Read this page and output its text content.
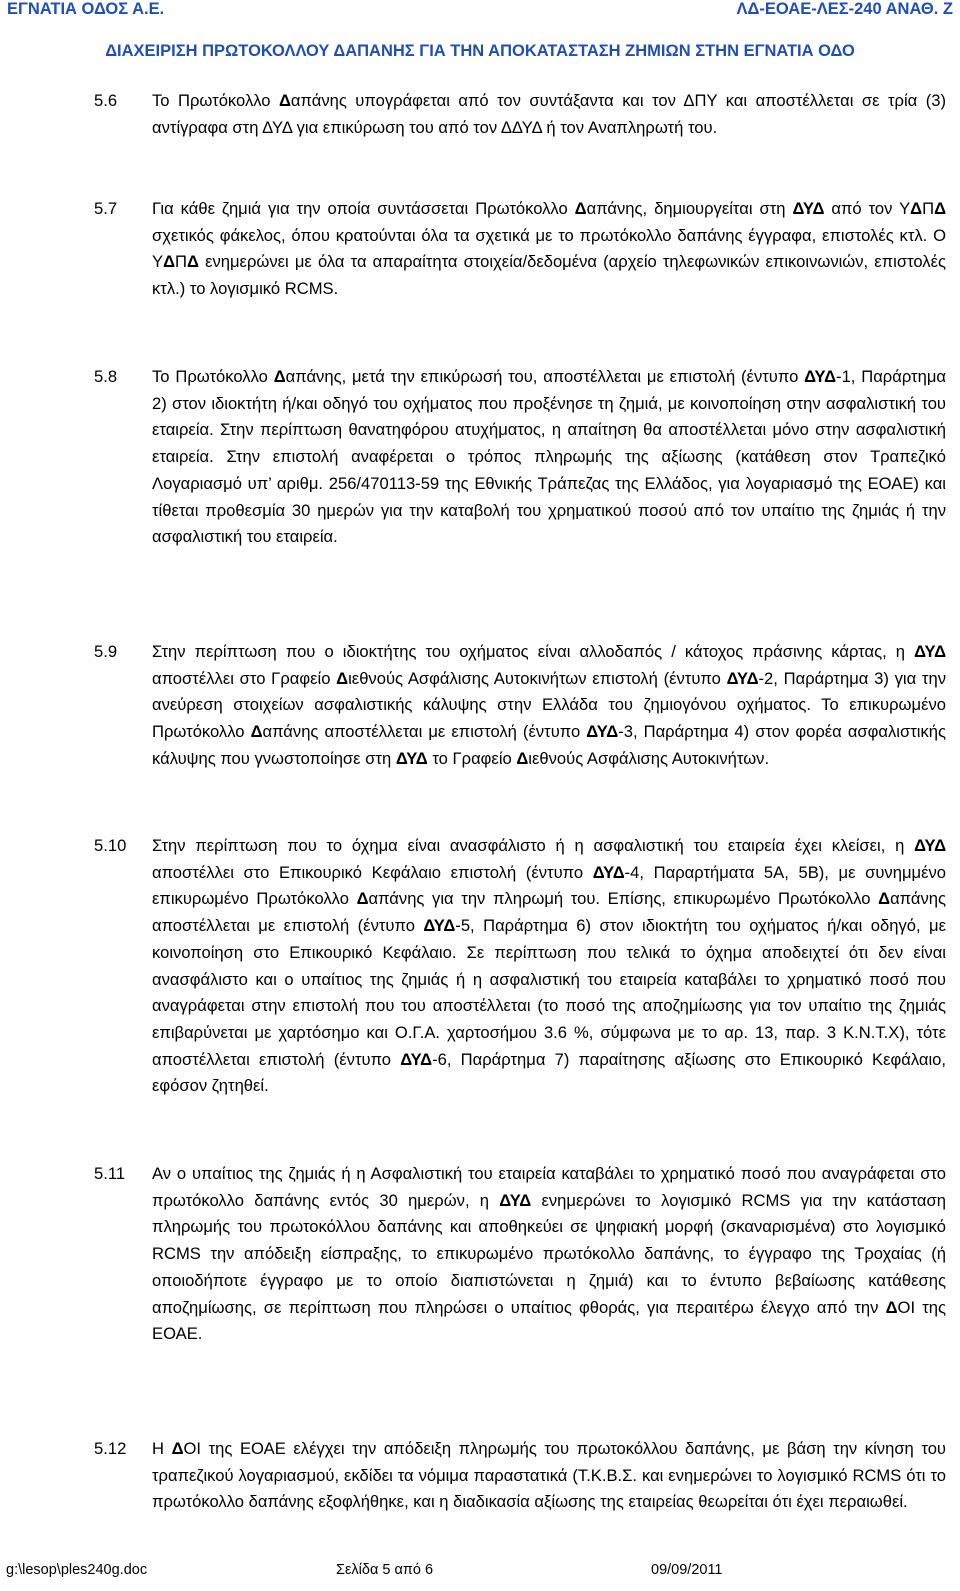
ΕΓΝΑΤΙΑ ΟΔΟΣ Α.Ε.	ΛΔ-ΕΟΑΕ-ΛΕΣ-240 ΑΝΑΘ. Ζ
ΔΙΑΧΕΙΡΙΣΗ ΠΡΩΤΟΚΟΛΛΟΥ ΔΑΠΑΝΗΣ ΓΙΑ ΤΗΝ ΑΠΟΚΑΤΑΣΤΑΣΗ ΖΗΜΙΩΝ ΣΤΗΝ ΕΓΝΑΤΙΑ ΟΔΟ
5.6	Το Πρωτόκολλο Δαπάνης υπογράφεται από τον συντάξαντα και τον ΔΠΥ και αποστέλλεται σε τρία (3) αντίγραφα στη ΔΥΔ για επικύρωση του από τον ΔΔΥΔ ή τον Αναπληρωτή του.
5.7	Για κάθε ζημιά για την οποία συντάσσεται Πρωτόκολλο Δαπάνης, δημιουργείται στη ΔΥΔ από τον ΥΔΠΔ σχετικός φάκελος, όπου κρατούνται όλα τα σχετικά με το πρωτόκολλο δαπάνης έγγραφα, επιστολές κτλ. Ο ΥΔΠΔ ενημερώνει με όλα τα απαραίτητα στοιχεία/δεδομένα (αρχείο τηλεφωνικών επικοινωνιών, επιστολές κτλ.) το λογισμικό RCMS.
5.8	Το Πρωτόκολλο Δαπάνης, μετά την επικύρωσή του, αποστέλλεται με επιστολή (έντυπο ΔΥΔ-1, Παράρτημα 2) στον ιδιοκτήτη ή/και οδηγό του οχήματος που προξένησε τη ζημιά, με κοινοποίηση στην ασφαλιστική του εταιρεία. Στην περίπτωση θανατηφόρου ατυχήματος, η απαίτηση θα αποστέλλεται μόνο στην ασφαλιστική εταιρεία. Στην επιστολή αναφέρεται ο τρόπος πληρωμής της αξίωσης (κατάθεση στον Τραπεζικό Λογαριασμό υπ’ αριθμ. 256/470113-59 της Εθνικής Τράπεζας της Ελλάδος, για λογαριασμό της ΕΟΑΕ) και τίθεται προθεσμία 30 ημερών για την καταβολή του χρηματικού ποσού από τον υπαίτιο της ζημιάς ή την ασφαλιστική του εταιρεία.
5.9	Στην περίπτωση που ο ιδιοκτήτης του οχήματος είναι αλλοδαπός / κάτοχος πράσινης κάρτας, η ΔΥΔ αποστέλλει στο Γραφείο Διεθνούς Ασφάλισης Αυτοκινήτων επιστολή (έντυπο ΔΥΔ-2, Παράρτημα 3) για την ανεύρεση στοιχείων ασφαλιστικής κάλυψης στην Ελλάδα του ζημιογόνου οχήματος. Το επικυρωμένο Πρωτόκολλο Δαπάνης αποστέλλεται με επιστολή (έντυπο ΔΥΔ-3, Παράρτημα 4) στον φορέα ασφαλιστικής κάλυψης που γνωστοποίησε στη ΔΥΔ το Γραφείο Διεθνούς Ασφάλισης Αυτοκινήτων.
5.10	Στην περίπτωση που το όχημα είναι ανασφάλιστο ή η ασφαλιστική του εταιρεία έχει κλείσει, η ΔΥΔ αποστέλλει στο Επικουρικό Κεφάλαιο επιστολή (έντυπο ΔΥΔ-4, Παραρτήματα 5Α, 5Β), με συνημμένο επικυρωμένο Πρωτόκολλο Δαπάνης για την πληρωμή του. Επίσης, επικυρωμένο Πρωτόκολλο Δαπάνης αποστέλλεται με επιστολή (έντυπο ΔΥΔ-5, Παράρτημα 6) στον ιδιοκτήτη του οχήματος ή/και οδηγό, με κοινοποίηση στο Επικουρικό Κεφάλαιο. Σε περίπτωση που τελικά το όχημα αποδειχτεί ότι δεν είναι ανασφάλιστο και ο υπαίτιος της ζημιάς ή η ασφαλιστική του εταιρεία καταβάλει το χρηματικό ποσό που αναγράφεται στην επιστολή που του αποστέλλεται (το ποσό της αποζημίωσης για τον υπαίτιο της ζημιάς επιβαρύνεται με χαρτόσημο και Ο.Γ.Α. χαρτοσήμου 3.6 %, σύμφωνα με το αρ. 13, παρ. 3 Κ.Ν.Τ.Χ), τότε αποστέλλεται επιστολή (έντυπο ΔΥΔ-6, Παράρτημα 7) παραίτησης αξίωσης στο Επικουρικό Κεφάλαιο, εφόσον ζητηθεί.
5.11	Αν ο υπαίτιος της ζημιάς ή η Ασφαλιστική του εταιρεία καταβάλει το χρηματικό ποσό που αναγράφεται στο πρωτόκολλο δαπάνης εντός 30 ημερών, η ΔΥΔ ενημερώνει το λογισμικό RCMS για την κατάσταση πληρωμής του πρωτοκόλλου δαπάνης και αποθηκεύει σε ψηφιακή μορφή (σκαναρισμένα) στο λογισμικό RCMS την απόδειξη είσπραξης, το επικυρωμένο πρωτόκολλο δαπάνης, το έγγραφο της Τροχαίας (ή οποιοδήποτε έγγραφο με το οποίο διαπιστώνεται η ζημιά) και το έντυπο βεβαίωσης κατάθεσης αποζημίωσης, σε περίπτωση που πληρώσει ο υπαίτιος φθοράς, για περαιτέρω έλεγχο από την ΔΟΙ της ΕΟΑΕ.
5.12	Η ΔΟΙ της ΕΟΑΕ ελέγχει την απόδειξη πληρωμής του πρωτοκόλλου δαπάνης, με βάση την κίνηση του τραπεζικού λογαριασμού, εκδίδει τα νόμιμα παραστατικά (Τ.Κ.Β.Σ. και ενημερώνει το λογισμικό RCMS ότι το πρωτόκολλο δαπάνης εξοφλήθηκε, και η διαδικασία αξίωσης της εταιρείας θεωρείται ότι έχει περαιωθεί.
g:\lesop\ples240g.doc	Σελίδα 5 από 6	09/09/2011
